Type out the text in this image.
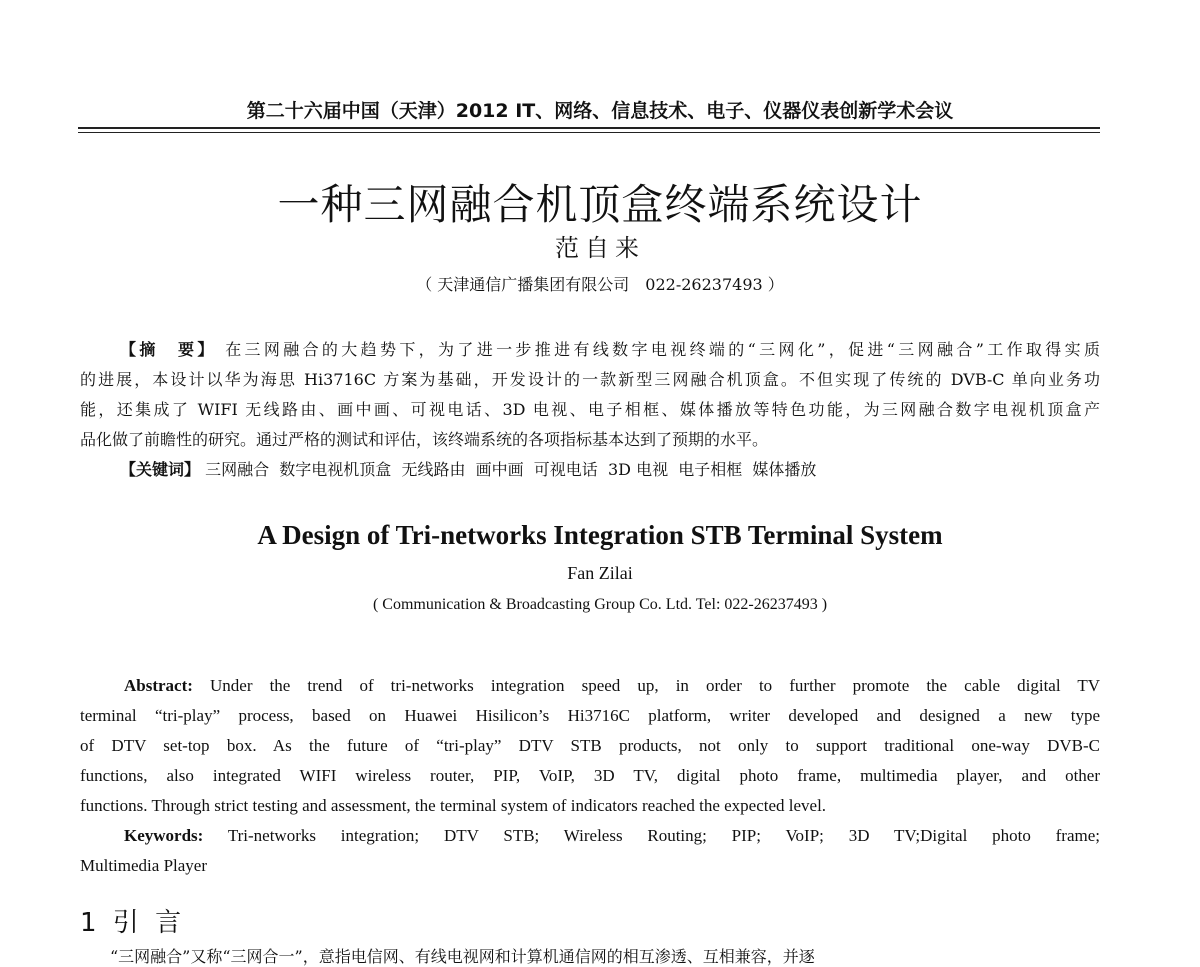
第二十六届中国（天津）2012 IT、网络、信息技术、电子、仪器仪表创新学术会议
一种三网融合机顶盒终端系统设计
范自来
（ 天津通信广播集团有限公司　022-26237493 ）
【摘　要】 在三网融合的大趋势下，为了进一步推进有线数字电视终端的“三网化”，促进“三网融合”工作取得实质
的进展，本设计以华为海思 Hi3716C 方案为基础，开发设计的一款新型三网融合机顶盒。不但实现了传统的 DVB-C 单向业务功
能，还集成了 WIFI 无线路由、画中画、可视电话、3D 电视、电子相框、媒体播放等特色功能，为三网融合数字电视机顶盒产
品化做了前瞻性的研究。通过严格的测试和评估，该终端系统的各项指标基本达到了预期的水平。
【关键词】 三网融合  数字电视机顶盒  无线路由  画中画  可视电话  3D 电视  电子相框  媒体播放
A Design of Tri-networks Integration STB Terminal System
Fan Zilai
( Communication & Broadcasting Group Co. Ltd. Tel: 022-26237493 )
Abstract: Under the trend of tri-networks integration speed up, in order to further promote the cable digital TV
terminal “tri-play” process, based on Huawei Hisilicon’s Hi3716C platform, writer developed and designed a new type
of DTV set-top box. As the future of “tri-play” DTV STB products, not only to support traditional one-way DVB-C
functions, also integrated WIFI wireless router, PIP, VoIP, 3D TV, digital photo frame, multimedia player, and other
functions. Through strict testing and assessment, the terminal system of indicators reached the expected level.
Keywords: Tri-networks integration; DTV STB; Wireless Routing; PIP; VoIP; 3D TV;Digital photo frame;
Multimedia Player
1 引 言
“三网融合”又称“三网合一”，意指电信网、有线电视网和计算机通信网的相互渗透、互相兼容，并逐
